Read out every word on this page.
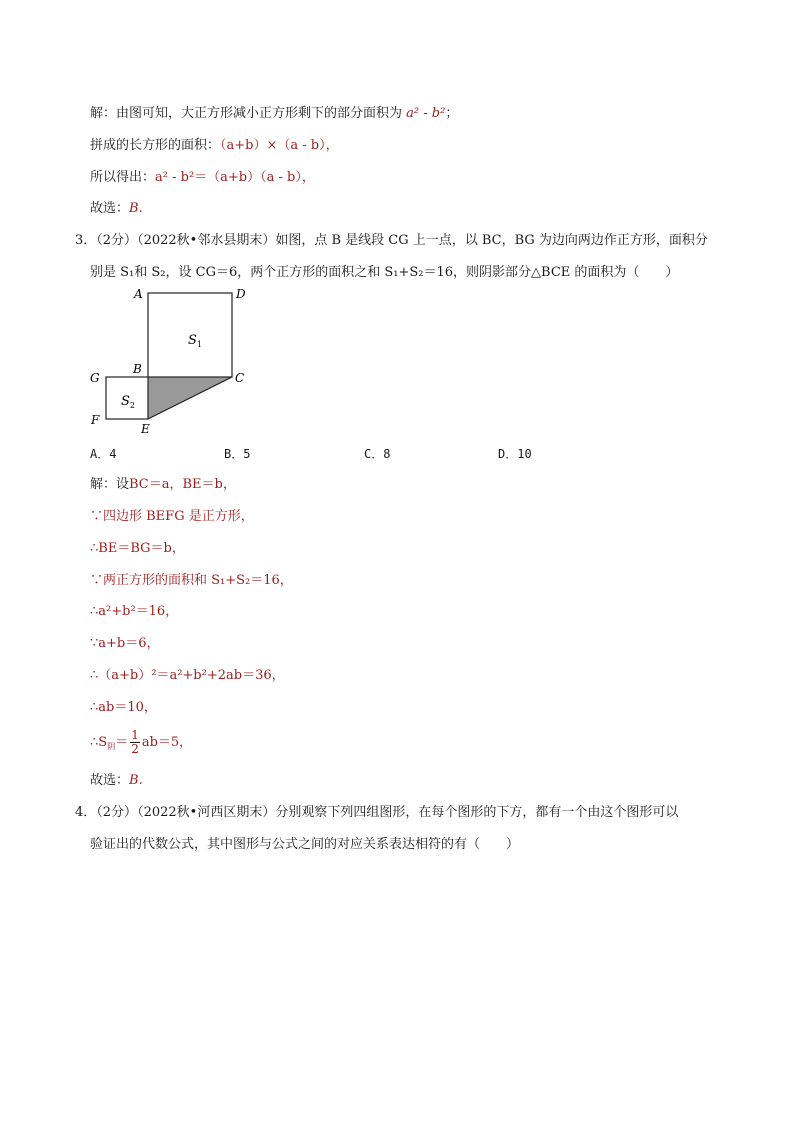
解：由图可知，大正方形减小正方形剩下的部分面积为 a² - b²；
拼成的长方形的面积：（a+b）×（a - b），
所以得出：a² - b²＝（a+b）（a - b），
故选：B.
3．（2分）（2022秋•邻水县期末）如图，点 B 是线段 CG 上一点，以 BC，BG 为边向两边作正方形，面积分
别是 S₁和 S₂，设 CG＝6，两个正方形的面积之和 S₁+S₂＝16，则阴影部分△BCE 的面积为（　　）
A	D
B
C
G
F
E
$S_1$
$S_2$
A．4	B．5	C．8	D．10
解：设BC＝a，BE＝b，
∵四边形 BEFG 是正方形，
∴BE＝BG＝b，
∵两正方形的面积和 S₁+S₂＝16，
∴a²+b²＝16，
∵a+b＝6，
∴（a+b）²＝a²+b²+2ab＝36，
∴ab＝10，
$\therefore S_阴= \frac{1}{2} ab=5$，
故选：B.
4．（2分）（2022秋•河西区期末）分别观察下列四组图形，在每个图形的下方，都有一个由这个图形可以
验证出的代数公式，其中图形与公式之间的对应关系表达相符的有（　　）
